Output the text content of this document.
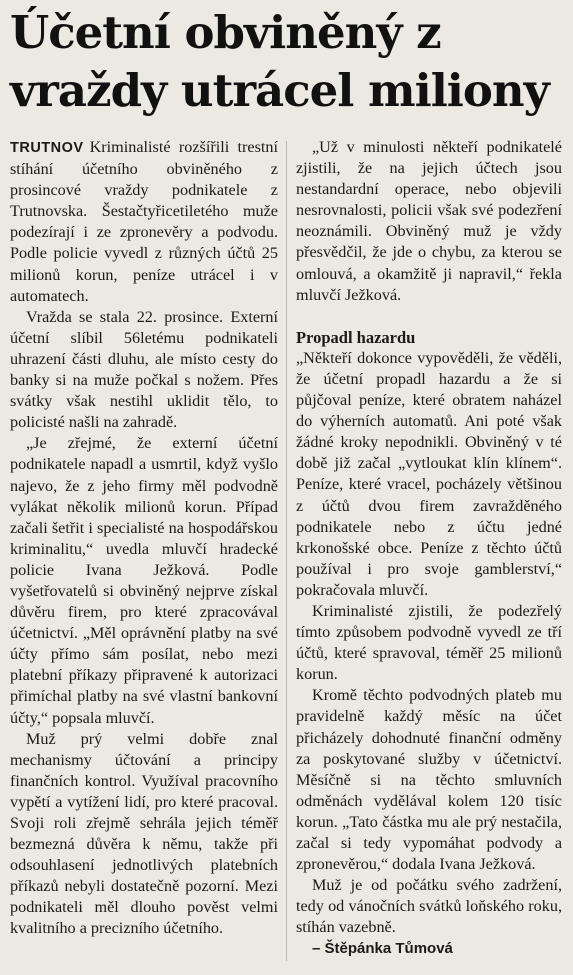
Účetní obviněný z vraždy utrácel miliony

TRUTNOV Kriminalisté rozšířili trestní stíhání účetního obviněného z prosincové vraždy podnikatele z Trutnovska. Šestačtyřicetiletého muže podezírají i ze zpronevěry a podvodu. Podle policie vyvedl z různých účtů 25 milionů korun, peníze utrácel i v automatech.

Vražda se stala 22. prosince. Externí účetní slíbil 56letému podnikateli uhrazení části dluhu, ale místo cesty do banky si na muže počkal s nožem. Přes svátky však nestihl uklidit tělo, to policisté našli na zahradě.

„Je zřejmé, že externí účetní podnikatele napadl a usmrtil, když vyšlo najevo, že z jeho firmy měl podvodně vylákat několik milionů korun. Případ začali šetřit i specialisté na hospodářskou kriminalitu,“ uvedla mluvčí hradecké policie Ivana Ježková. Podle vyšetřovatelů si obviněný nejprve získal důvěru firem, pro které zpracovával účetnictví. „Měl oprávnění platby na své účty přímo sám posílat, nebo mezi platební příkazy připravené k autorizaci přimíchal platby na své vlastní bankovní účty,“ popsala mluvčí.

Muž prý velmi dobře znal mechanismy účtování a principy finančních kontrol. Využíval pracovního vypětí a vytížení lidí, pro které pracoval. Svoji roli zřejmě sehrála jejich téměř bezmezná důvěra k němu, takže při odsouhlasení jednotlivých platebních příkazů nebyli dostatečně pozorní. Mezi podnikateli měl dlouho pověst velmi kvalitního a precizního účetního.

„Už v minulosti někteří podnikatelé zjistili, že na jejich účtech jsou nestandardní operace, nebo objevili nesrovnalosti, policii však své podezření neoznámili. Obviněný muž je vždy přesvědčil, že jde o chybu, za kterou se omlouvá, a okamžitě ji napravil,“ řekla mluvčí Ježková.

Propadl hazardu

„Někteří dokonce vypověděli, že věděli, že účetní propadl hazardu a že si půjčoval peníze, které obratem naházel do výherních automatů. Ani poté však žádné kroky nepodnikli. Obviněný v té době již začal „vytloukat klín klínem“. Peníze, které vracel, pocházely většinou z účtů dvou firem zavražděného podnikatele nebo z účtu jedné krkonošské obce. Peníze z těchto účtů používal i pro svoje gamblerství,“ pokračovala mluvčí.

Kriminalisté zjistili, že podezřelý tímto způsobem podvodně vyvedl ze tří účtů, které spravoval, téměř 25 milionů korun.

Kromě těchto podvodných plateb mu pravidelně každý měsíc na účet přicházely dohodnuté finanční odměny za poskytované služby v účetnictví. Měsíčně si na těchto smluvních odměnách vydělával kolem 120 tisíc korun. „Tato částka mu ale prý nestačila, začal si tedy vypomáhat podvody a zpronevěrou,“ dodala Ivana Ježková.

Muž je od počátku svého zadržení, tedy od vánočních svátků loňského roku, stíhán vazebně.

– Štěpánka Tůmová
